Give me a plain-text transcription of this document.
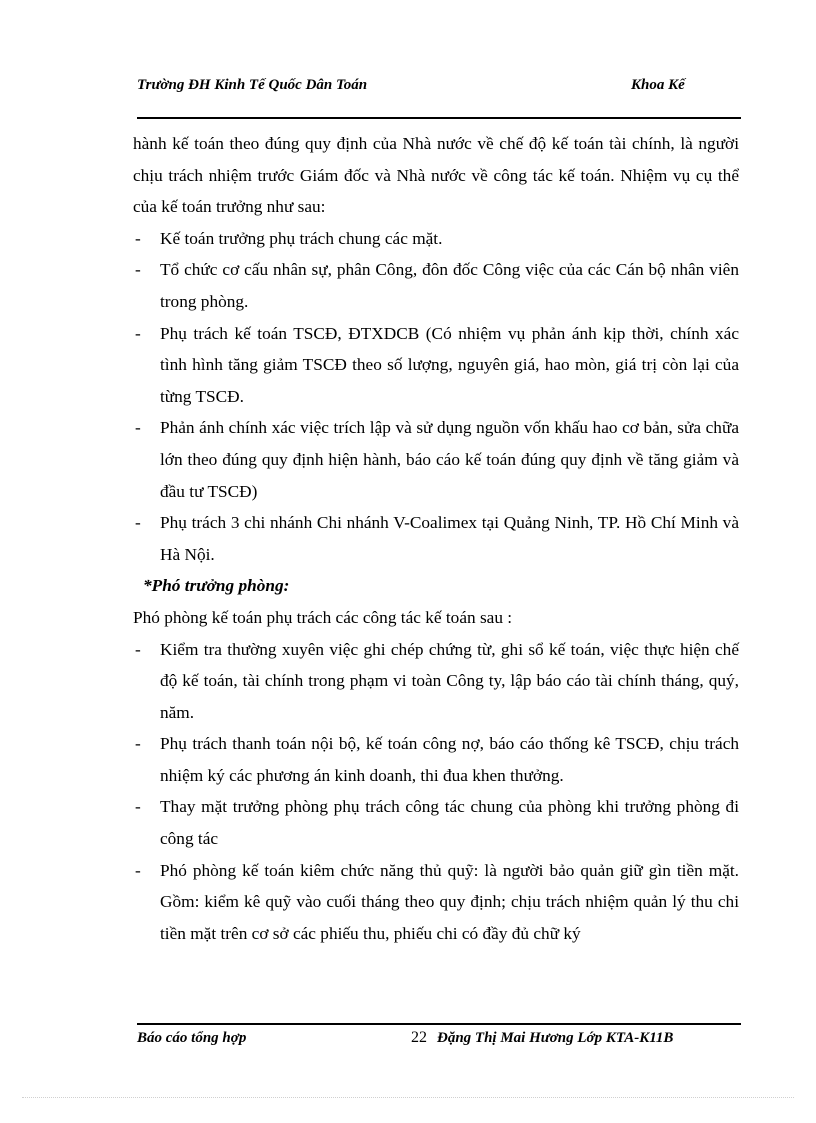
Trường ĐH Kinh Tế Quốc Dân Toán	Khoa Kế

hành kế toán theo đúng quy định của Nhà nước về chế độ kế toán tài chính, là người chịu trách nhiệm trước Giám đốc và Nhà nước về công tác kế toán. Nhiệm vụ cụ thể của kế toán trưởng như sau:

- Kế toán trưởng phụ trách chung các mặt.

- Tổ chức cơ cấu nhân sự, phân Công, đôn đốc Công việc của các Cán bộ nhân viên trong phòng.

- Phụ trách kế toán TSCĐ, ĐTXDCB (Có nhiệm vụ phản ánh kịp thời, chính xác tình hình tăng giảm TSCĐ theo số lượng, nguyên giá, hao mòn, giá trị còn lại của từng TSCĐ.

- Phản ánh chính xác việc trích lập và sử dụng nguồn vốn khấu hao cơ bản, sửa chữa lớn theo đúng quy định hiện hành, báo cáo kế toán đúng quy định về tăng giảm và đầu tư TSCĐ)

- Phụ trách 3 chi nhánh Chi nhánh V-Coalimex tại Quảng Ninh, TP. Hồ Chí Minh và Hà Nội.

*Phó trưởng phòng:

Phó phòng kế toán phụ trách các công tác kế toán sau :

- Kiểm tra thường xuyên việc ghi chép chứng từ, ghi sổ kế toán, việc thực hiện chế độ kế toán, tài chính trong phạm vi toàn Công ty, lập báo cáo tài chính tháng, quý, năm.

- Phụ trách thanh toán nội bộ, kế toán công nợ, báo cáo thống kê TSCĐ, chịu trách nhiệm ký các phương án kinh doanh, thi đua khen thưởng.

- Thay mặt trưởng phòng phụ trách công tác chung của phòng khi trưởng phòng đi công tác

- Phó phòng kế toán kiêm chức năng thủ quỹ: là người bảo quản giữ gìn tiền mặt. Gồm: kiểm kê quỹ vào cuối tháng theo quy định; chịu trách nhiệm quản lý thu chi tiền mặt trên cơ sở các phiếu thu, phiếu chi có đầy đủ chữ ký

Báo cáo tổng hợp	22 Đặng Thị Mai Hương Lớp KTA-K11B
